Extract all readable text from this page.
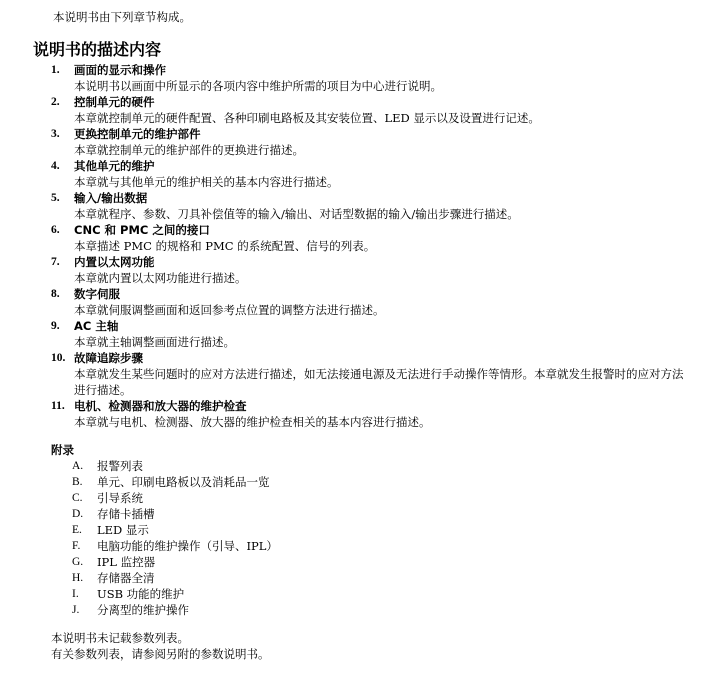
本说明书由下列章节构成。
说明书的描述内容
1. 画面的显示和操作
本说明书以画面中所显示的各项内容中维护所需的项目为中心进行说明。
2. 控制单元的硬件
本章就控制单元的硬件配置、各种印刷电路板及其安装位置、LED 显示以及设置进行记述。
3. 更换控制单元的维护部件
本章就控制单元的维护部件的更换进行描述。
4. 其他单元的维护
本章就与其他单元的维护相关的基本内容进行描述。
5. 输入/输出数据
本章就程序、参数、刀具补偿值等的输入/输出、对话型数据的输入/输出步骤进行描述。
6. CNC 和 PMC 之间的接口
本章描述 PMC 的规格和 PMC 的系统配置、信号的列表。
7. 内置以太网功能
本章就内置以太网功能进行描述。
8. 数字伺服
本章就伺服调整画面和返回参考点位置的调整方法进行描述。
9. AC 主轴
本章就主轴调整画面进行描述。
10. 故障追踪步骤
本章就发生某些问题时的应对方法进行描述，如无法接通电源及无法进行手动操作等情形。本章就发生报警时的应对方法进行描述。
11. 电机、检测器和放大器的维护检查
本章就与电机、检测器、放大器的维护检查相关的基本内容进行描述。
附录
A. 报警列表
B. 单元、印刷电路板以及消耗品一览
C. 引导系统
D. 存储卡插槽
E. LED 显示
F. 电脑功能的维护操作（引导、IPL）
G. IPL 监控器
H. 存储器全清
I. USB 功能的维护
J. 分离型的维护操作
本说明书未记载参数列表。
有关参数列表，请参阅另附的参数说明书。
